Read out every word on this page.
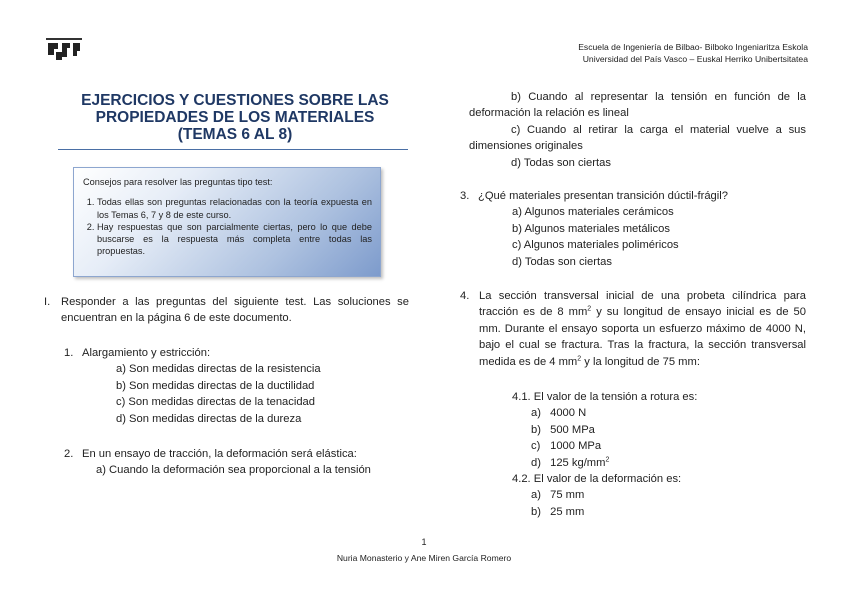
Escuela de Ingeniería de Bilbao- Bilboko Ingeniaritza Eskola
Universidad del País Vasco – Euskal Herriko Unibertsitatea
EJERCICIOS Y CUESTIONES SOBRE LAS
PROPIEDADES DE LOS MATERIALES
(TEMAS 6 AL 8)
Consejos para resolver las preguntas tipo test:
1. Todas ellas son preguntas relacionadas con la teoría expuesta en los Temas 6, 7 y 8 de este curso.
2. Hay respuestas que son parcialmente ciertas, pero lo que debe buscarse es la respuesta más completa entre todas las propuestas.
I. Responder a las preguntas del siguiente test. Las soluciones se encuentran en la página 6 de este documento.
1. Alargamiento y estricción:
a) Son medidas directas de la resistencia
b) Son medidas directas de la ductilidad
c) Son medidas directas de la tenacidad
d) Son medidas directas de la dureza
2. En un ensayo de tracción, la deformación será elástica:
a) Cuando la deformación sea proporcional a la tensión
b) Cuando al representar la tensión en función de la deformación la relación es lineal
c) Cuando al retirar la carga el material vuelve a sus dimensiones originales
d) Todas son ciertas
3. ¿Qué materiales presentan transición dúctil-frágil?
a) Algunos materiales cerámicos
b) Algunos materiales metálicos
c) Algunos materiales poliméricos
d) Todas son ciertas
4. La sección transversal inicial de una probeta cilíndrica para tracción es de 8 $mm^2$ y su longitud de ensayo inicial es de 50 mm. Durante el ensayo soporta un esfuerzo máximo de 4000 N, bajo el cual se fractura. Tras la fractura, la sección transversal medida es de 4 $mm^2$ y la longitud de 75 mm:
4.1. El valor de la tensión a rotura es:
a) 4000 N
b) 500 MPa
c) 1000 MPa
d) 125 $kg/mm^2$
4.2. El valor de la deformación es:
a) 75 mm
b) 25 mm
1
Nuria Monasterio y Ane Miren García Romero
